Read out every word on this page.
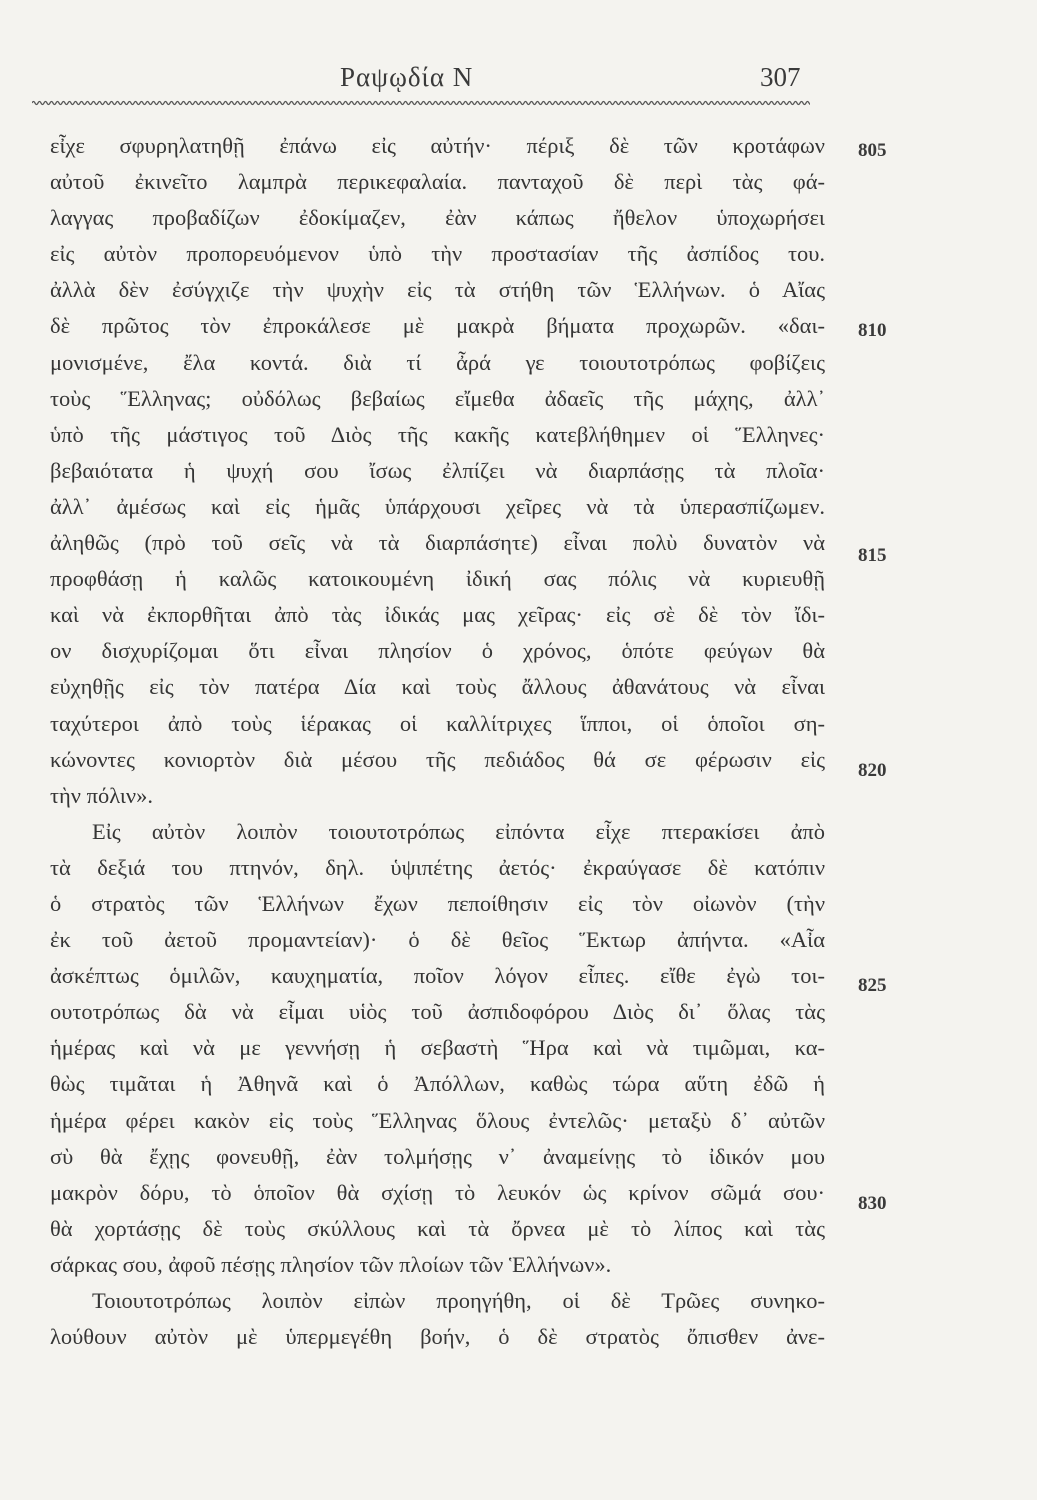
Ραψῳδία Ν	307
εἶχε σφυρηλατηθῇ ἐπάνω εἰς αὐτήν· πέριξ δὲ τῶν κροτάφων
αὐτοῦ ἐκινεῖτο λαμπρὰ περικεφαλαία. πανταχοῦ δὲ περὶ τὰς φά-
λαγγας προβαδίζων ἐδοκίμαζεν, ἐὰν κάπως ἤθελον ὑποχωρήσει
εἰς αὐτὸν προπορευόμενον ὑπὸ τὴν προστασίαν τῆς ἀσπίδος του.
ἀλλὰ δὲν ἐσύγχιζε τὴν ψυχὴν εἰς τὰ στήθη τῶν Ἑλλήνων. ὁ Αἴας
δὲ πρῶτος τὸν ἐπροκάλεσε μὲ μακρὰ βήματα προχωρῶν. «δαι-
μονισμένε, ἔλα κοντά. διὰ τί ἆρά γε τοιουτοτρόπως φοβίζεις
τοὺς Ἕλληνας; οὐδόλως βεβαίως εἴμεθα ἀδαεῖς τῆς μάχης, ἀλλ᾿
ὑπὸ τῆς μάστιγος τοῦ Διὸς τῆς κακῆς κατεβλήθημεν οἱ Ἕλληνες·
βεβαιότατα ἡ ψυχή σου ἴσως ἐλπίζει νὰ διαρπάσῃς τὰ πλοῖα·
ἀλλ᾿ ἀμέσως καὶ εἰς ἡμᾶς ὑπάρχουσι χεῖρες νὰ τὰ ὑπερασπίζωμεν.
ἀληθῶς (πρὸ τοῦ σεῖς νὰ τὰ διαρπάσητε) εἶναι πολὺ δυνατὸν νὰ
προφθάσῃ ἡ καλῶς κατοικουμένη ἰδική σας πόλις νὰ κυριευθῇ
καὶ νὰ ἐκπορθῆται ἀπὸ τὰς ἰδικάς μας χεῖρας· εἰς σὲ δὲ τὸν ἴδι-
ον δισχυρίζομαι ὅτι εἶναι πλησίον ὁ χρόνος, ὁπότε φεύγων θὰ
εὐχηθῇς εἰς τὸν πατέρα Δία καὶ τοὺς ἄλλους ἀθανάτους νὰ εἶναι
ταχύτεροι ἀπὸ τοὺς ἱέρακας οἱ καλλίτριχες ἵπποι, οἱ ὁποῖοι ση-
κώνοντες κονιορτὸν διὰ μέσου τῆς πεδιάδος θά σε φέρωσιν εἰς
τὴν πόλιν».
Εἰς αὐτὸν λοιπὸν τοιουτοτρόπως εἰπόντα εἶχε πτερακίσει ἀπὸ
τὰ δεξιά του πτηνόν, δηλ. ὑψιπέτης ἀετός· ἐκραύγασε δὲ κατόπιν
ὁ στρατὸς τῶν Ἑλλήνων ἔχων πεποίθησιν εἰς τὸν οἰωνὸν (τὴν
ἐκ τοῦ ἀετοῦ προμαντείαν)· ὁ δὲ θεῖος Ἕκτωρ ἀπήντα. «Αἶα
ἀσκέπτως ὁμιλῶν, καυχηματία, ποῖον λόγον εἶπες. εἴθε ἐγὼ τοι-
ουτοτρόπως δὰ νὰ εἶμαι υἱὸς τοῦ ἀσπιδοφόρου Διὸς δι᾿ ὅλας τὰς
ἡμέρας καὶ νὰ με γεννήσῃ ἡ σεβαστὴ Ἥρα καὶ νὰ τιμῶμαι, κα-
θὼς τιμᾶται ἡ Ἀθηνᾶ καὶ ὁ Ἀπόλλων, καθὼς τώρα αὕτη ἐδῶ ἡ
ἡμέρα φέρει κακὸν εἰς τοὺς Ἕλληνας ὅλους ἐντελῶς· μεταξὺ δ᾿ αὐτῶν
σὺ θὰ ἔχῃς φονευθῇ, ἐὰν τολμήσῃς ν᾿ ἀναμείνῃς τὸ ἰδικόν μου
μακρὸν δόρυ, τὸ ὁποῖον θὰ σχίσῃ τὸ λευκόν ὡς κρίνον σῶμά σου·
θὰ χορτάσῃς δὲ τοὺς σκύλλους καὶ τὰ ὄρνεα μὲ τὸ λίπος καὶ τὰς
σάρκας σου, ἀφοῦ πέσῃς πλησίον τῶν πλοίων τῶν Ἑλλήνων».
Τοιουτοτρόπως λοιπὸν εἰπὼν προηγήθη, οἱ δὲ Τρῶες συνηκο-
λούθουν αὐτὸν μὲ ὑπερμεγέθη βοήν, ὁ δὲ στρατὸς ὄπισθεν ἀνε-
805
810
815
820
825
830
